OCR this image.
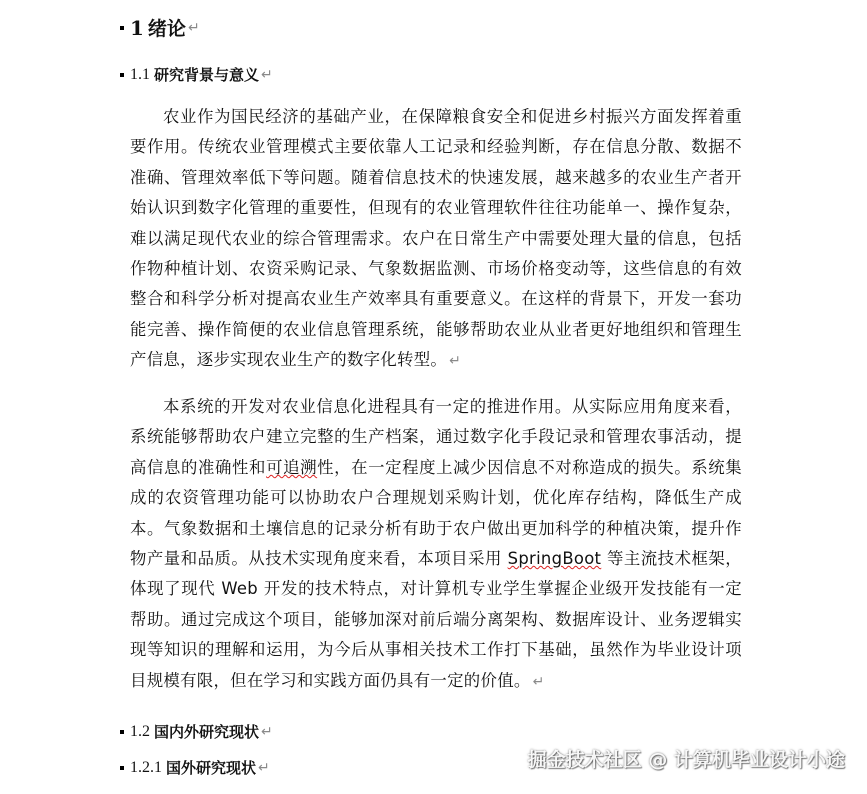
1 绪论 ↵
1.1 研究背景与意义 ↵

农业作为国民经济的基础产业，在保障粮食安全和促进乡村振兴方面发挥着重要作用。传统农业管理模式主要依靠人工记录和经验判断，存在信息分散、数据不准确、管理效率低下等问题。随着信息技术的快速发展，越来越多的农业生产者开始认识到数字化管理的重要性，但现有的农业管理软件往往功能单一、操作复杂，难以满足现代农业的综合管理需求。农户在日常生产中需要处理大量的信息，包括作物种植计划、农资采购记录、气象数据监测、市场价格变动等，这些信息的有效整合和科学分析对提高农业生产效率具有重要意义。在这样的背景下，开发一套功能完善、操作简便的农业信息管理系统，能够帮助农业从业者更好地组织和管理生产信息，逐步实现农业生产的数字化转型。 ↵

本系统的开发对农业信息化进程具有一定的推进作用。从实际应用角度来看，系统能够帮助农户建立完整的生产档案，通过数字化手段记录和管理农事活动，提高信息的准确性和可追溯性，在一定程度上减少因信息不对称造成的损失。系统集成的农资管理功能可以协助农户合理规划采购计划，优化库存结构，降低生产成本。气象数据和土壤信息的记录分析有助于农户做出更加科学的种植决策，提升作物产量和品质。从技术实现角度来看，本项目采用 SpringBoot 等主流技术框架，体现了现代 Web 开发的技术特点，对计算机专业学生掌握企业级开发技能有一定帮助。通过完成这个项目，能够加深对前后端分离架构、数据库设计、业务逻辑实现等知识的理解和运用，为今后从事相关技术工作打下基础，虽然作为毕业设计项目规模有限，但在学习和实践方面仍具有一定的价值。 ↵

1.2 国内外研究现状 ↵
1.2.1 国外研究现状 ↵	掘金技术社区 @ 计算机毕业设计小途
